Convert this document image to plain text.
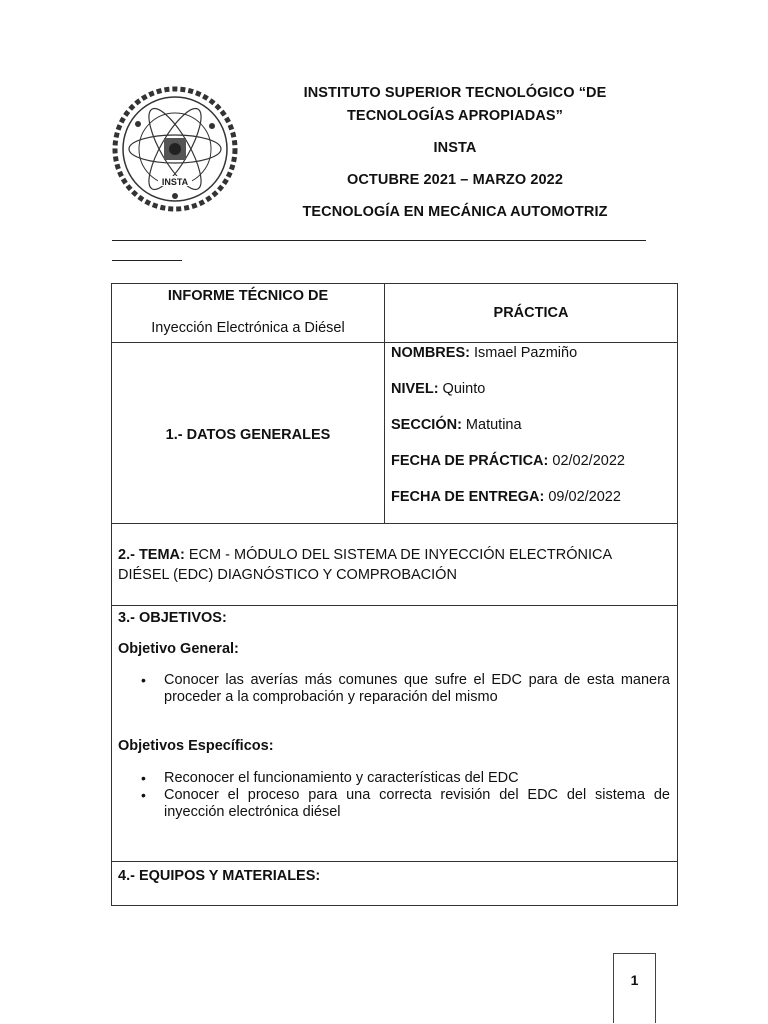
INSTA
INSTITUTO SUPERIOR TECNOLÓGICO “DE
TECNOLOGÍAS APROPIADAS”
INSTA
OCTUBRE 2021 – MARZO 2022
TECNOLOGÍA EN MECÁNICA AUTOMOTRIZ
INFORME TÉCNICO DE
Inyección Electrónica a Diésel
PRÁCTICA
1.- DATOS GENERALES
NOMBRES: Ismael Pazmiño
NIVEL: Quinto
SECCIÓN: Matutina
FECHA DE PRÁCTICA: 02/02/2022
FECHA DE ENTREGA: 09/02/2022
2.- TEMA: ECM - MÓDULO DEL SISTEMA DE INYECCIÓN ELECTRÓNICA
DIÉSEL (EDC) DIAGNÓSTICO Y COMPROBACIÓN
3.- OBJETIVOS:
Objetivo General:
• Conocer las averías más comunes que sufre el EDC para de esta manera proceder a la comprobación y reparación del mismo
Objetivos Específicos:
• Reconocer el funcionamiento y características del EDC
• Conocer el proceso para una correcta revisión del EDC del sistema de inyección electrónica diésel
4.- EQUIPOS Y MATERIALES:
1
